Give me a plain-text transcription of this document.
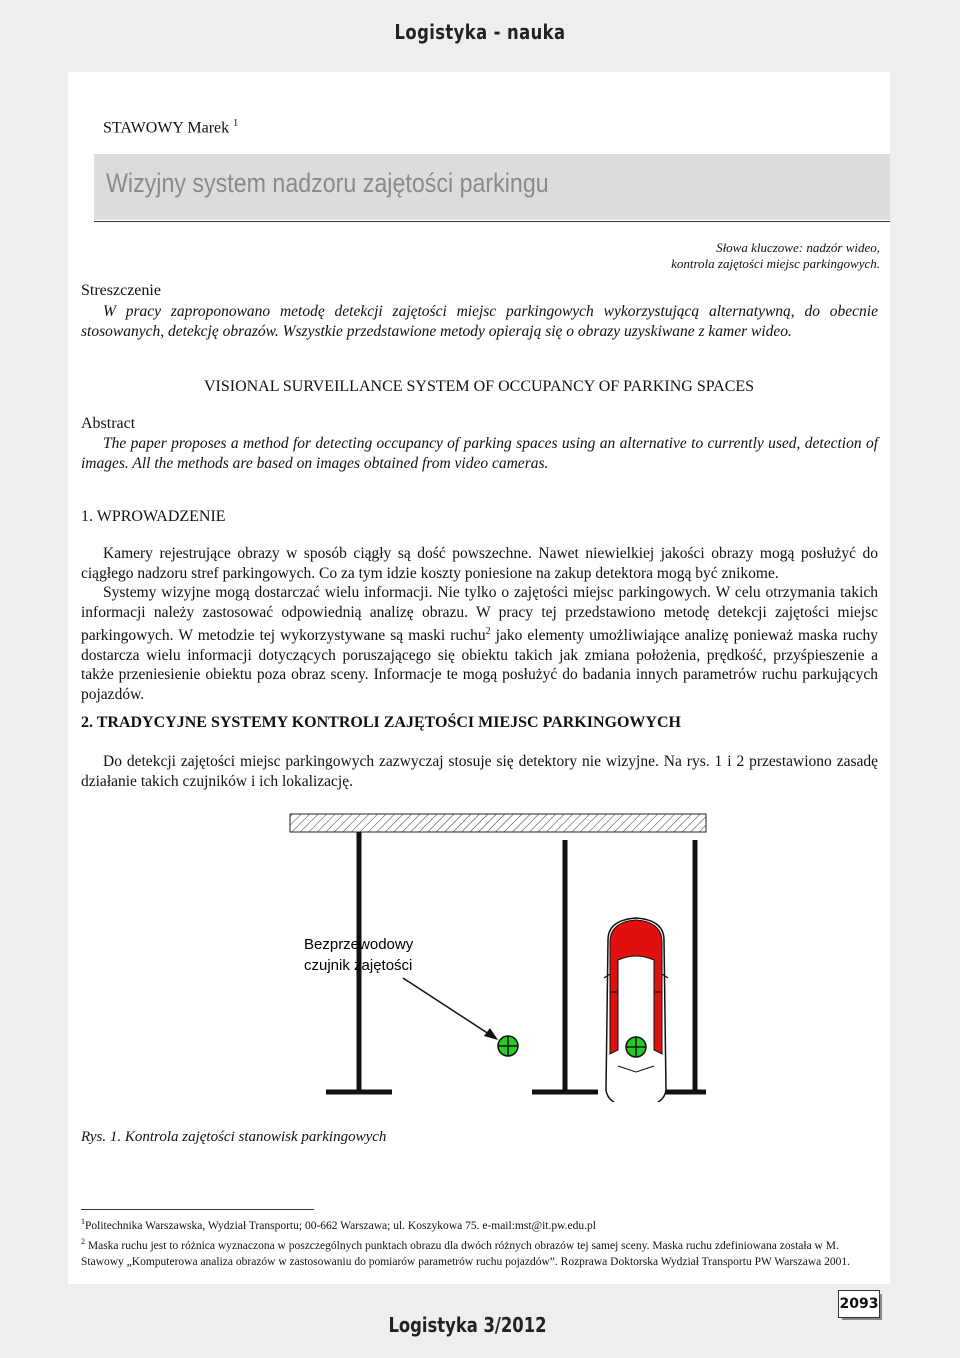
Logistyka - nauka
STAWOWY Marek $^1$
Wizyjny system nadzoru zajętości parkingu
Słowa kluczowe: nadzór wideo,
kontrola zajętości miejsc parkingowych.
Streszczenie
W pracy zaproponowano metodę detekcji zajętości miejsc parkingowych wykorzystującą alternatywną, do obecnie stosowanych, detekcję obrazów. Wszystkie przedstawione metody opierają się o obrazy uzyskiwane z kamer wideo.
VISIONAL SURVEILLANCE SYSTEM OF OCCUPANCY OF PARKING SPACES
Abstract
The paper proposes a method for detecting occupancy of parking spaces using an alternative to currently used, detection of images. All the methods are based on images obtained from video cameras.
1. WPROWADZENIE
Kamery rejestrujące obrazy w sposób ciągły są dość powszechne. Nawet niewielkiej jakości obrazy mogą posłużyć do ciągłego nadzoru stref parkingowych. Co za tym idzie koszty poniesione na zakup detektora mogą być znikome.
Systemy wizyjne mogą dostarczać wielu informacji. Nie tylko o zajętości miejsc parkingowych. W celu otrzymania takich informacji należy zastosować odpowiednią analizę obrazu. W pracy tej przedstawiono metodę detekcji zajętości miejsc parkingowych. W metodzie tej wykorzystywane są maski ruchu$^2$ jako elementy umożliwiające analizę ponieważ maska ruchy dostarcza wielu informacji dotyczących poruszającego się obiektu takich jak zmiana położenia, prędkość, przyśpieszenie a także przeniesienie obiektu poza obraz sceny. Informacje te mogą posłużyć do badania innych parametrów ruchu parkujących pojazdów.
2. TRADYCYJNE SYSTEMY KONTROLI ZAJĘTOŚCI MIEJSC PARKINGOWYCH
Do detekcji zajętości miejsc parkingowych zazwyczaj stosuje się detektory nie wizyjne. Na rys. 1 i 2 przestawiono zasadę działanie takich czujników i ich lokalizację.
Bezprzewodowy
czujnik zajętości
Rys. 1. Kontrola zajętości stanowisk parkingowych
$^1$Politechnika Warszawska, Wydział Transportu; 00-662 Warszawa; ul. Koszykowa 75. e-mail:mst@it.pw.edu.pl
$^2$ Maska ruchu jest to różnica wyznaczona w poszczególnych punktach obrazu dla dwóch różnych obrazów tej samej sceny. Maska ruchu zdefiniowana została w M. Stawowy „Komputerowa analiza obrazów w zastosowaniu do pomiarów parametrów ruchu pojazdów”. Rozprawa Doktorska Wydział Transportu PW Warszawa 2001.
2093
Logistyka 3/2012
